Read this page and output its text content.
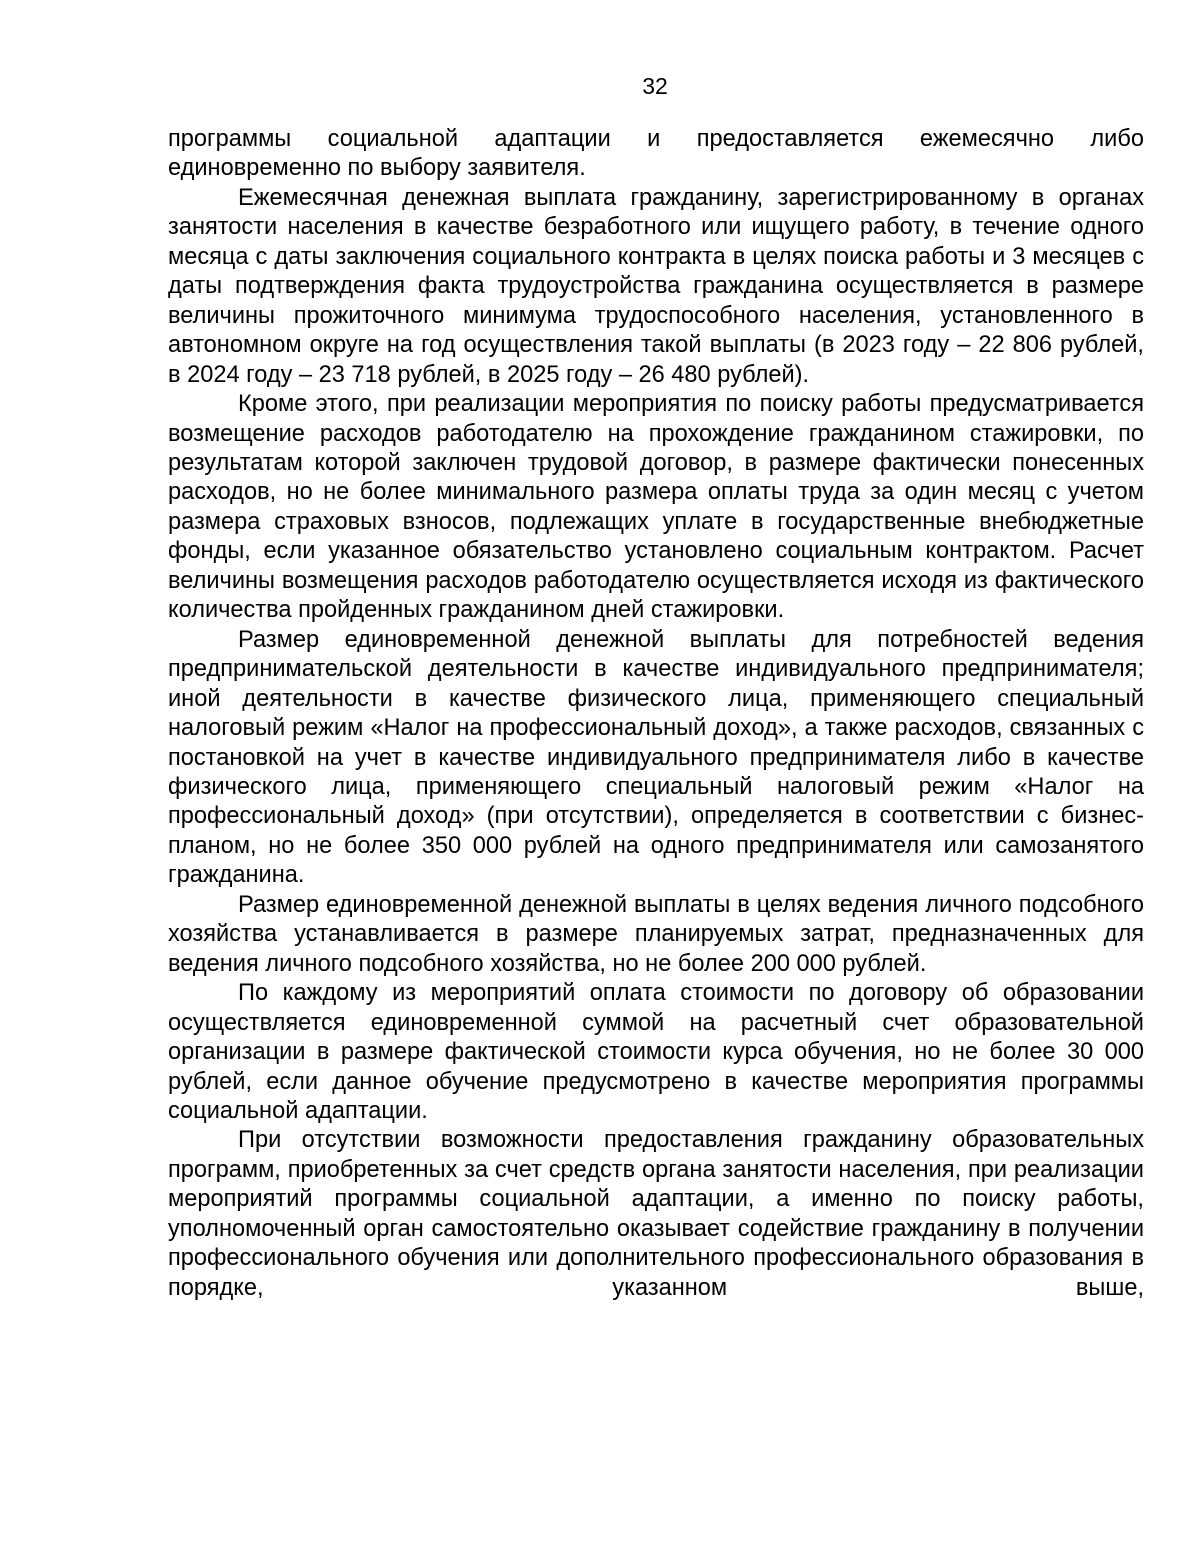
32

программы социальной адаптации и предоставляется ежемесячно либо единовременно по выбору заявителя.

Ежемесячная денежная выплата гражданину, зарегистрированному в органах занятости населения в качестве безработного или ищущего работу, в течение одного месяца с даты заключения социального контракта в целях поиска работы и 3 месяцев с даты подтверждения факта трудоустройства гражданина осуществляется в размере величины прожиточного минимума трудоспособного населения, установленного в автономном округе на год осуществления такой выплаты (в 2023 году – 22 806 рублей, в 2024 году – 23 718 рублей, в 2025 году – 26 480 рублей).

Кроме этого, при реализации мероприятия по поиску работы предусматривается возмещение расходов работодателю на прохождение гражданином стажировки, по результатам которой заключен трудовой договор, в размере фактически понесенных расходов, но не более минимального размера оплаты труда за один месяц с учетом размера страховых взносов, подлежащих уплате в государственные внебюджетные фонды, если указанное обязательство установлено социальным контрактом. Расчет величины возмещения расходов работодателю осуществляется исходя из фактического количества пройденных гражданином дней стажировки.

Размер единовременной денежной выплаты для потребностей ведения предпринимательской деятельности в качестве индивидуального предпринимателя; иной деятельности в качестве физического лица, применяющего специальный налоговый режим «Налог на профессиональный доход», а также расходов, связанных с постановкой на учет в качестве индивидуального предпринимателя либо в качестве физического лица, применяющего специальный налоговый режим «Налог на профессиональный доход» (при отсутствии), определяется в соответствии с бизнес-планом, но не более 350 000 рублей на одного предпринимателя или самозанятого гражданина.

Размер единовременной денежной выплаты в целях ведения личного подсобного хозяйства устанавливается в размере планируемых затрат, предназначенных для ведения личного подсобного хозяйства, но не более 200 000 рублей.

По каждому из мероприятий оплата стоимости по договору об образовании осуществляется единовременной суммой на расчетный счет образовательной организации в размере фактической стоимости курса обучения, но не более 30 000 рублей, если данное обучение предусмотрено в качестве мероприятия программы социальной адаптации.

При отсутствии возможности предоставления гражданину образовательных программ, приобретенных за счет средств органа занятости населения, при реализации мероприятий программы социальной адаптации, а именно по поиску работы, уполномоченный орган самостоятельно оказывает содействие гражданину в получении профессионального обучения или дополнительного профессионального образования в порядке, указанном выше,
